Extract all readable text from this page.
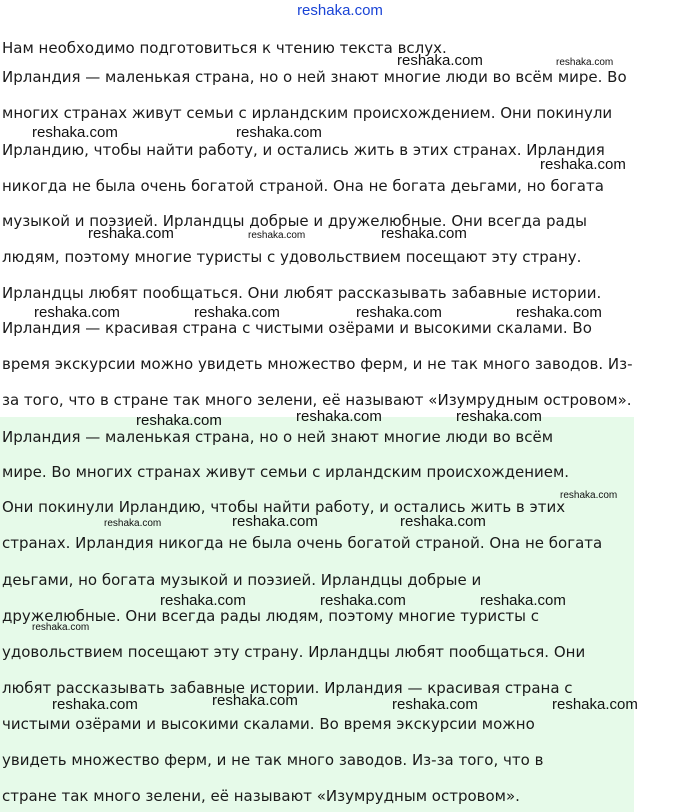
reshaka.com
Нам необходимо подготовиться к чтению текста вслух.
Ирландия — маленькая страна, но о ней знают многие люди во всём мире. Во
многих странах живут семьи с ирландским происхождением. Они покинули
Ирландию, чтобы найти работу, и остались жить в этих странах. Ирландия
никогда не была очень богатой страной. Она не богата деьгами, но богата
музыкой и поэзией. Ирландцы добрые и дружелюбные. Они всегда рады
людям, поэтому многие туристы с удовольствием посещают эту страну.
Ирландцы любят пообщаться. Они любят рассказывать забавные истории.
Ирландия — красивая страна с чистыми озёрами и высокими скалами. Во
время экскурсии можно увидеть множество ферм, и не так много заводов. Из-
за того, что в стране так много зелени, её называют «Изумрудным островом».
Ирландия — маленькая страна, но о ней знают многие люди во всём
мире. Во многих странах живут семьи с ирландским происхождением.
Они покинули Ирландию, чтобы найти работу, и остались жить в этих
странах. Ирландия никогда не была очень богатой страной. Она не богата
деьгами, но богата музыкой и поэзией. Ирландцы добрые и
дружелюбные. Они всегда рады людям, поэтому многие туристы с
удовольствием посещают эту страну. Ирландцы любят пообщаться. Они
любят рассказывать забавные истории. Ирландия — красивая страна с
чистыми озёрами и высокими скалами. Во время экскурсии можно
увидеть множество ферм, и не так много заводов. Из-за того, что в
стране так много зелени, её называют «Изумрудным островом».
reshaka.com	reshaka.com
reshaka.com	reshaka.com
reshaka.com
reshaka.com	reshaka.com	reshaka.com
reshaka.com	reshaka.com	reshaka.com	reshaka.com
reshaka.com	reshaka.com	reshaka.com
reshaka.com
reshaka.com	reshaka.com	reshaka.com
reshaka.com	reshaka.com	reshaka.com
reshaka.com
reshaka.com	reshaka.com	reshaka.com	reshaka.com
